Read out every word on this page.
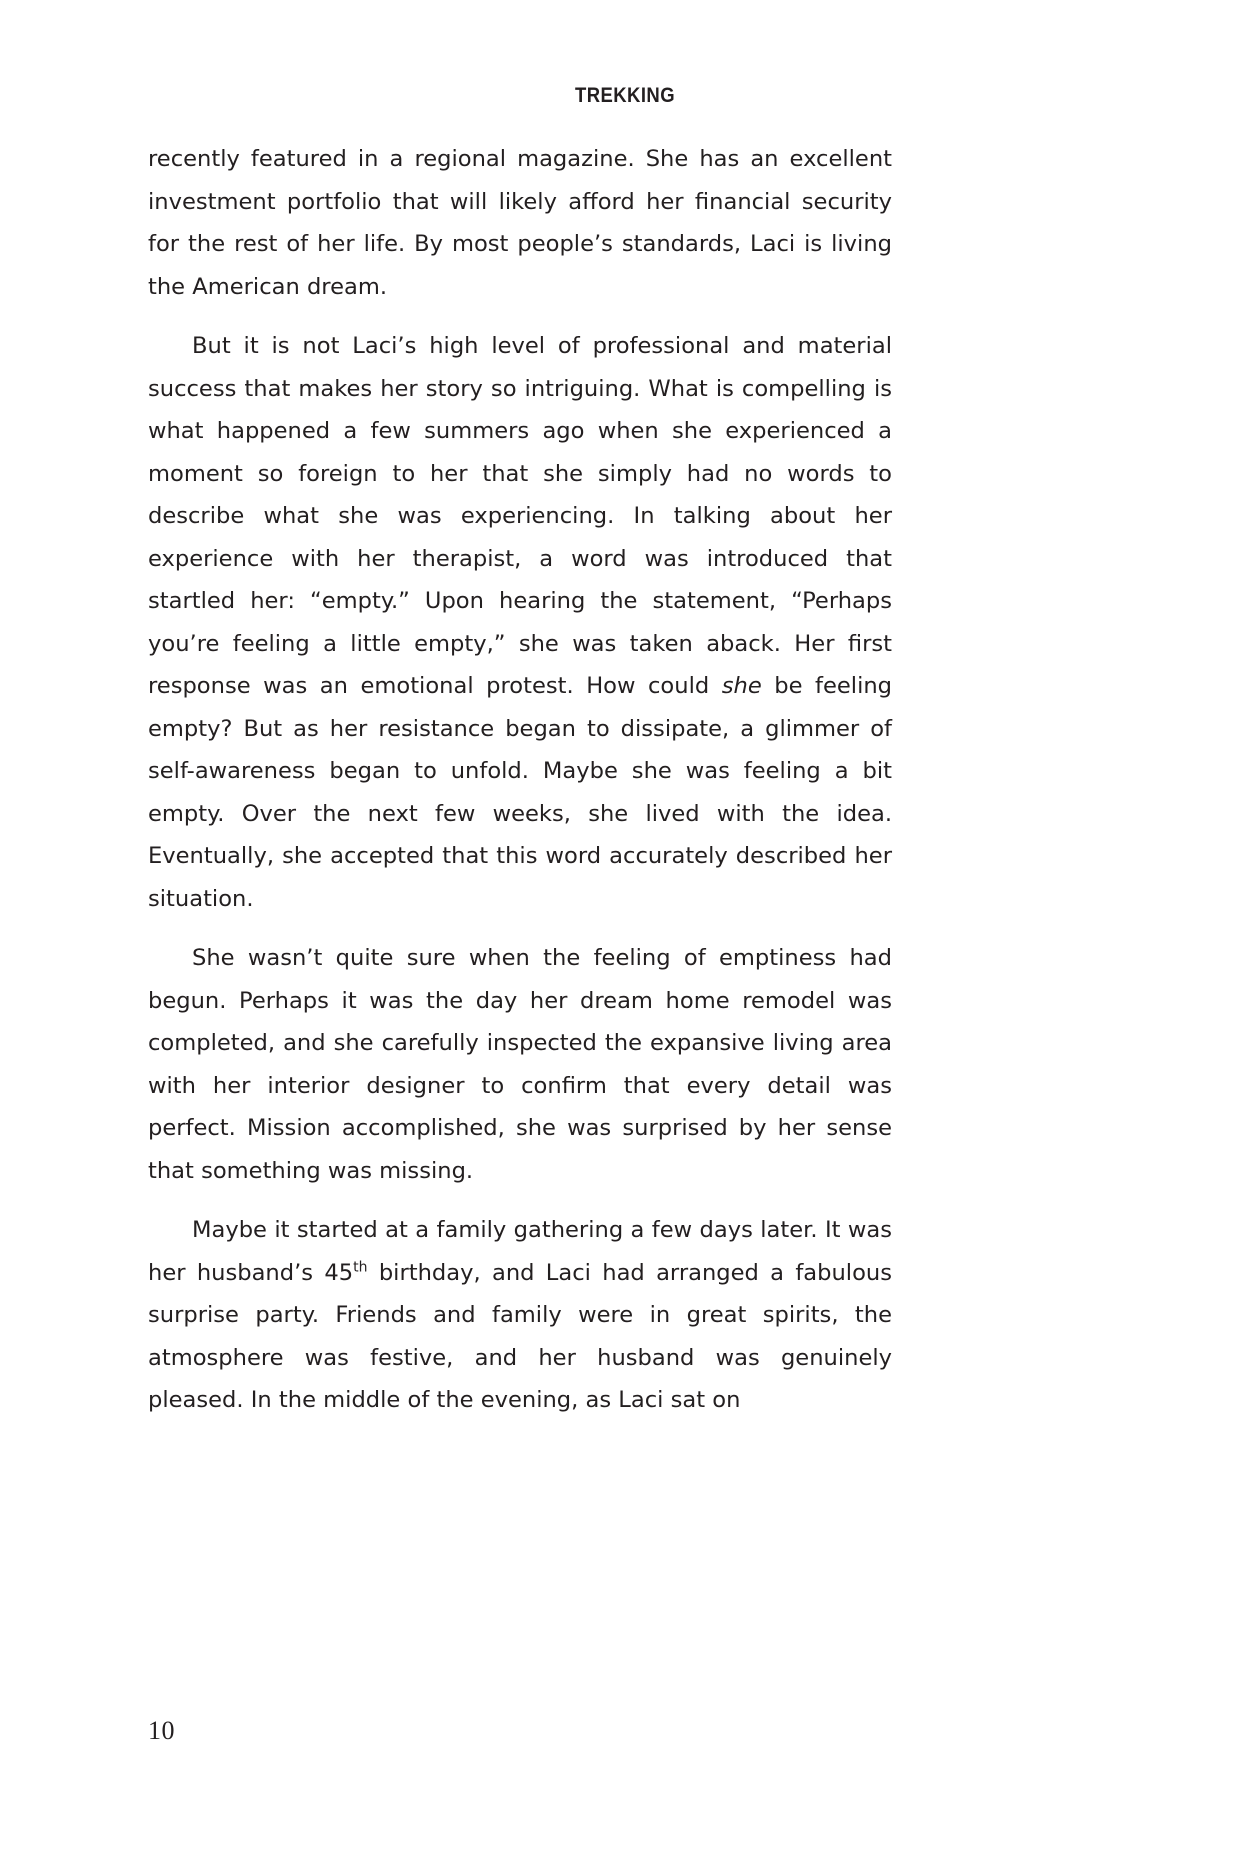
TREKKING

recently featured in a regional magazine. She has an excellent investment portfolio that will likely afford her financial security for the rest of her life. By most people’s standards, Laci is living the American dream.

But it is not Laci’s high level of professional and material success that makes her story so intriguing. What is compelling is what happened a few summers ago when she experienced a moment so foreign to her that she simply had no words to describe what she was experiencing. In talking about her experience with her therapist, a word was introduced that startled her: “empty.” Upon hearing the statement, “Perhaps you’re feeling a little empty,” she was taken aback. Her first response was an emotional protest. How could she be feeling empty? But as her resistance began to dissipate, a glimmer of self-awareness began to unfold. Maybe she was feeling a bit empty. Over the next few weeks, she lived with the idea. Eventually, she accepted that this word accurately described her situation.

She wasn’t quite sure when the feeling of emptiness had begun. Perhaps it was the day her dream home remodel was completed, and she carefully inspected the expansive living area with her interior designer to confirm that every detail was perfect. Mission accomplished, she was surprised by her sense that something was missing.

Maybe it started at a family gathering a few days later. It was her husband’s 45th birthday, and Laci had arranged a fabulous surprise party. Friends and family were in great spirits, the atmosphere was festive, and her husband was genuinely pleased. In the middle of the evening, as Laci sat on

10
